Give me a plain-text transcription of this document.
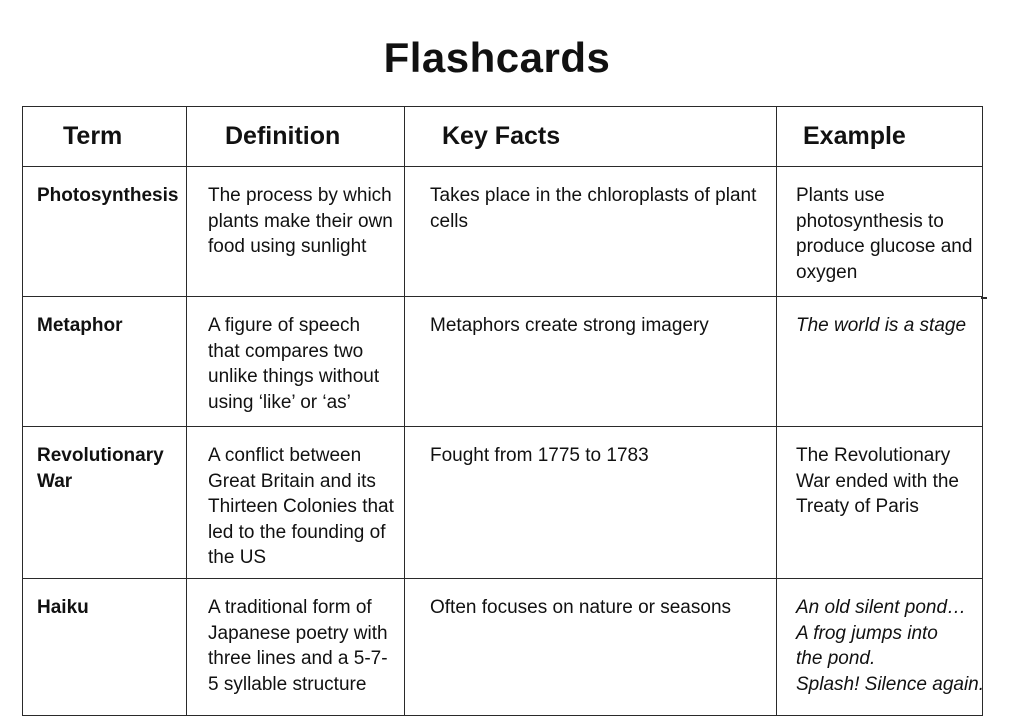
Flashcards
Term	Definition	Key Facts	Example
Photosynthesis	The process by which plants make their own food using sunlight	Takes place in the chloroplasts of plant cells	Plants use photosynthesis to produce glucose and oxygen
Metaphor	A figure of speech that compares two unlike things without using ‘like’ or ‘as’	Metaphors create strong imagery	The world is a stage
Revolutionary War	A conflict between Great Britain and its Thirteen Colonies that led to the founding of the US	Fought from 1775 to 1783	The Revolutionary War ended with the Treaty of Paris
Haiku	A traditional form of Japanese poetry with three lines and a 5-7-5 syllable structure	Often focuses on nature or seasons	An old silent pond…
A frog jumps into
the pond.
Splash! Silence again.
